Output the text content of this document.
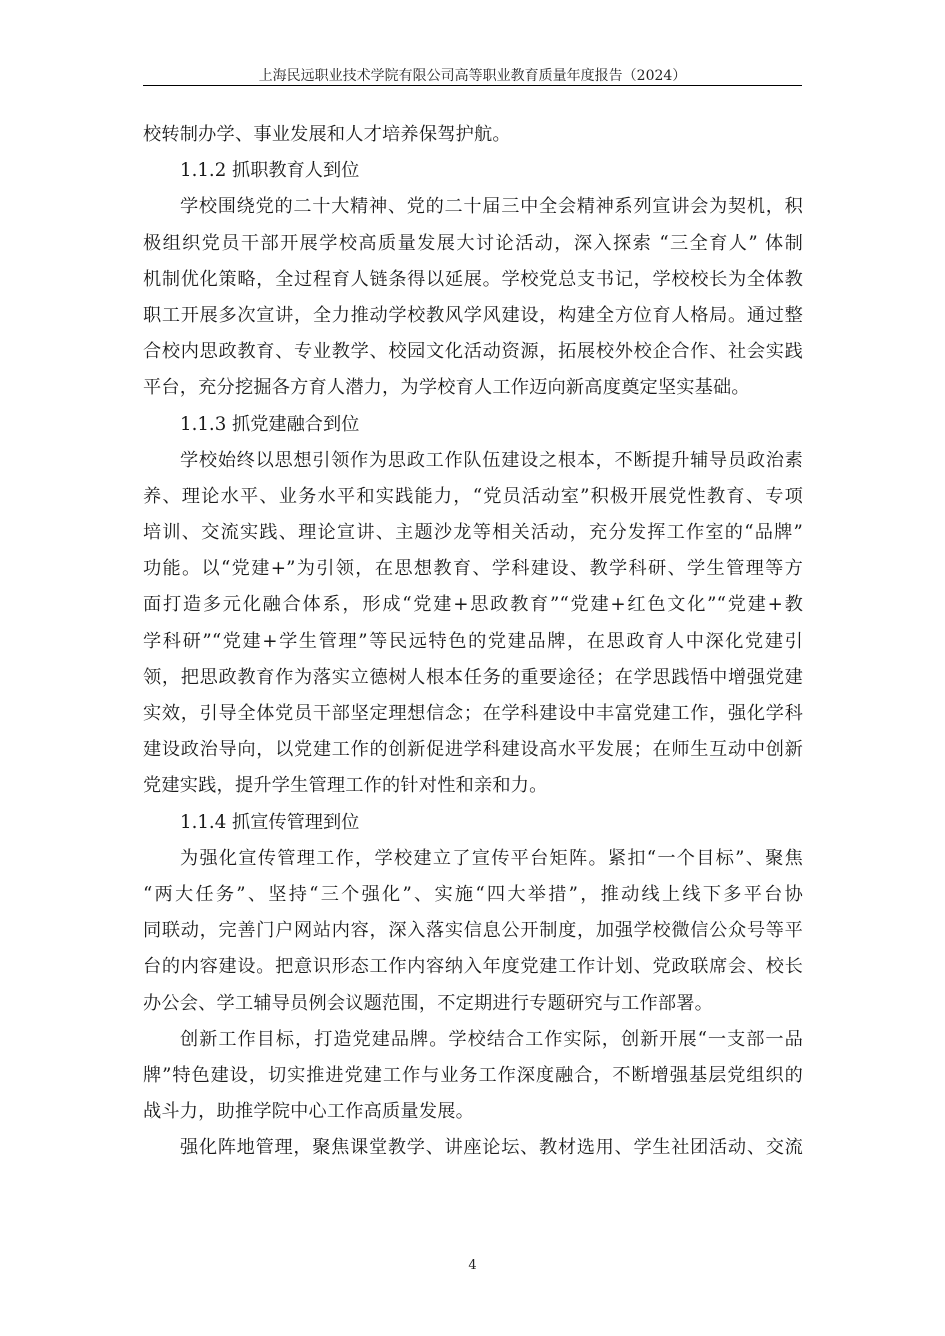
上海民远职业技术学院有限公司高等职业教育质量年度报告（2024）
校转制办学、事业发展和人才培养保驾护航。
1.1.2 抓职教育人到位
学校围绕党的二十大精神、党的二十届三中全会精神系列宣讲会为契机，积
极组织党员干部开展学校高质量发展大讨论活动，深入探索 “三全育人” 体制
机制优化策略，全过程育人链条得以延展。学校党总支书记，学校校长为全体教
职工开展多次宣讲，全力推动学校教风学风建设，构建全方位育人格局。通过整
合校内思政教育、专业教学、校园文化活动资源，拓展校外校企合作、社会实践
平台，充分挖掘各方育人潜力，为学校育人工作迈向新高度奠定坚实基础。
1.1.3 抓党建融合到位
学校始终以思想引领作为思政工作队伍建设之根本，不断提升辅导员政治素
养、理论水平、业务水平和实践能力，“党员活动室”积极开展党性教育、专项
培训、交流实践、理论宣讲、主题沙龙等相关活动，充分发挥工作室的“品牌”
功能。以“党建+”为引领，在思想教育、学科建设、教学科研、学生管理等方
面打造多元化融合体系，形成“党建+思政教育”“党建+红色文化”“党建+教
学科研”“党建+学生管理”等民远特色的党建品牌，在思政育人中深化党建引
领，把思政教育作为落实立德树人根本任务的重要途径；在学思践悟中增强党建
实效，引导全体党员干部坚定理想信念；在学科建设中丰富党建工作，强化学科
建设政治导向，以党建工作的创新促进学科建设高水平发展；在师生互动中创新
党建实践，提升学生管理工作的针对性和亲和力。
1.1.4 抓宣传管理到位
为强化宣传管理工作，学校建立了宣传平台矩阵。紧扣“一个目标”、聚焦
“两大任务”、坚持“三个强化”、实施“四大举措”，推动线上线下多平台协
同联动，完善门户网站内容，深入落实信息公开制度，加强学校微信公众号等平
台的内容建设。把意识形态工作内容纳入年度党建工作计划、党政联席会、校长
办公会、学工辅导员例会议题范围，不定期进行专题研究与工作部署。
创新工作目标，打造党建品牌。学校结合工作实际，创新开展“一支部一品
牌”特色建设，切实推进党建工作与业务工作深度融合，不断增强基层党组织的
战斗力，助推学院中心工作高质量发展。
强化阵地管理，聚焦课堂教学、讲座论坛、教材选用、学生社团活动、交流
4
